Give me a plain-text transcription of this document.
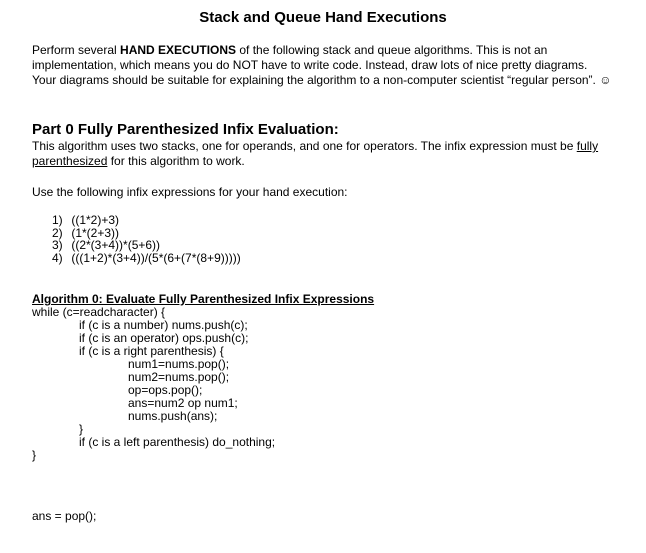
Stack and Queue Hand Executions
Perform several HAND EXECUTIONS of the following stack and queue algorithms. This is not an implementation, which means you do NOT have to write code. Instead, draw lots of nice pretty diagrams. Your diagrams should be suitable for explaining the algorithm to a non-computer scientist “regular person”. ☺
Part 0 Fully Parenthesized Infix Evaluation:
This algorithm uses two stacks, one for operands, and one for operators. The infix expression must be fully parenthesized for this algorithm to work.
Use the following infix expressions for your hand execution:
1) ((1*2)+3)
2) (1*(2+3))
3) ((2*(3+4))*(5+6))
4) (((1+2)*(3+4))/(5*(6+(7*(8+9)))))
Algorithm 0: Evaluate Fully Parenthesized Infix Expressions
while (c=readcharacter) {
if (c is a number) nums.push(c);
if (c is an operator) ops.push(c);
if (c is a right parenthesis) {
num1=nums.pop();
num2=nums.pop();
op=ops.pop();
ans=num2 op num1;
nums.push(ans);
}
if (c is a left parenthesis) do_nothing;
}
ans = pop();
